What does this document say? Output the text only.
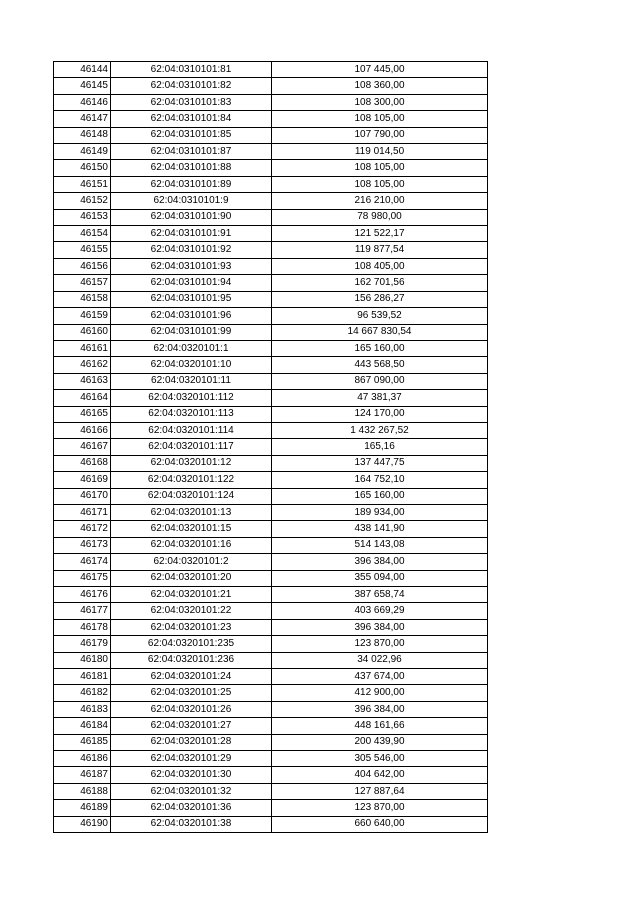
46144	62:04:0310101:81	107 445,00
46145	62:04:0310101:82	108 360,00
46146	62:04:0310101:83	108 300,00
46147	62:04:0310101:84	108 105,00
46148	62:04:0310101:85	107 790,00
46149	62:04:0310101:87	119 014,50
46150	62:04:0310101:88	108 105,00
46151	62:04:0310101:89	108 105,00
46152	62:04:0310101:9	216 210,00
46153	62:04:0310101:90	78 980,00
46154	62:04:0310101:91	121 522,17
46155	62:04:0310101:92	119 877,54
46156	62:04:0310101:93	108 405,00
46157	62:04:0310101:94	162 701,56
46158	62:04:0310101:95	156 286,27
46159	62:04:0310101:96	96 539,52
46160	62:04:0310101:99	14 667 830,54
46161	62:04:0320101:1	165 160,00
46162	62:04:0320101:10	443 568,50
46163	62:04:0320101:11	867 090,00
46164	62:04:0320101:112	47 381,37
46165	62:04:0320101:113	124 170,00
46166	62:04:0320101:114	1 432 267,52
46167	62:04:0320101:117	165,16
46168	62:04:0320101:12	137 447,75
46169	62:04:0320101:122	164 752,10
46170	62:04:0320101:124	165 160,00
46171	62:04:0320101:13	189 934,00
46172	62:04:0320101:15	438 141,90
46173	62:04:0320101:16	514 143,08
46174	62:04:0320101:2	396 384,00
46175	62:04:0320101:20	355 094,00
46176	62:04:0320101:21	387 658,74
46177	62:04:0320101:22	403 669,29
46178	62:04:0320101:23	396 384,00
46179	62:04:0320101:235	123 870,00
46180	62:04:0320101:236	34 022,96
46181	62:04:0320101:24	437 674,00
46182	62:04:0320101:25	412 900,00
46183	62:04:0320101:26	396 384,00
46184	62:04:0320101:27	448 161,66
46185	62:04:0320101:28	200 439,90
46186	62:04:0320101:29	305 546,00
46187	62:04:0320101:30	404 642,00
46188	62:04:0320101:32	127 887,64
46189	62:04:0320101:36	123 870,00
46190	62:04:0320101:38	660 640,00
